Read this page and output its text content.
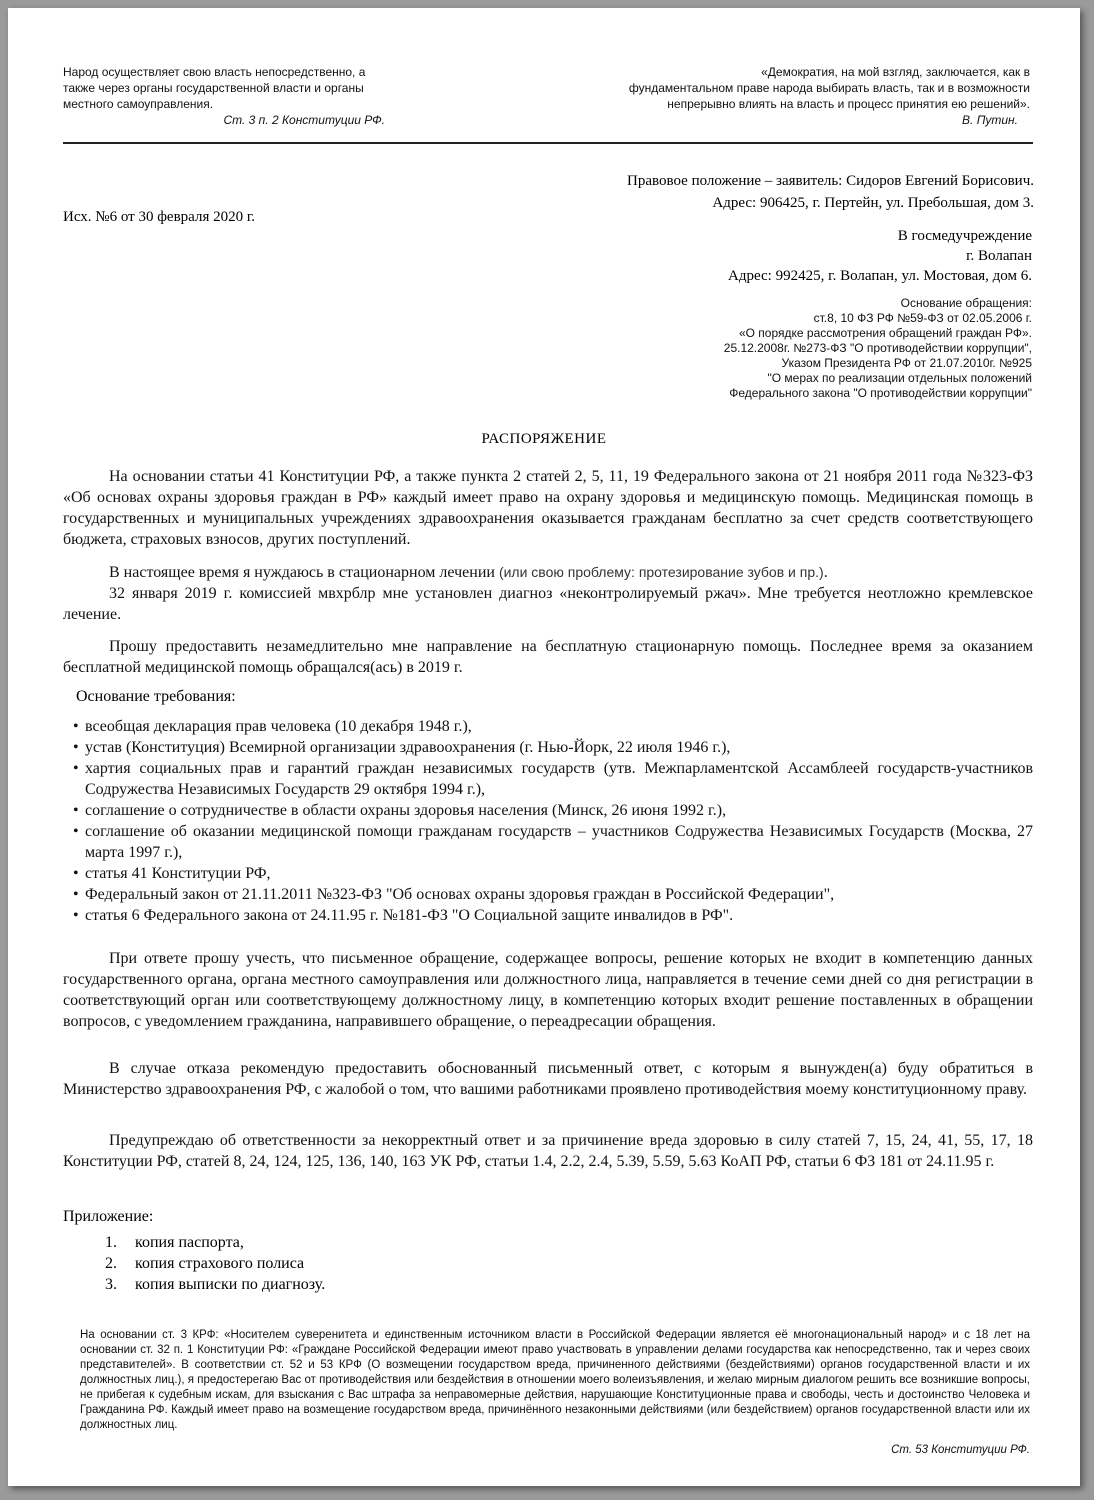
Народ осуществляет свою власть непосредственно, а
также через органы государственной власти и органы
местного самоуправления.
Ст. 3 п. 2 Конституции РФ.
«Демократия, на мой взгляд, заключается, как в
фундаментальном праве народа выбирать власть, так и в возможности
непрерывно влиять на власть и процесс принятия ею решений».
В. Путин.
Правовое положение – заявитель: Сидоров Евгений Борисович.
Адрес: 906425, г. Пертейн, ул. Пребольшая, дом 3.
Исх. №6 от 30 февраля 2020 г.
В госмедучреждение
г. Волапан
Адрес: 992425, г. Волапан, ул. Мостовая, дом 6.
Основание обращения:
ст.8, 10 ФЗ РФ №59-ФЗ от 02.05.2006 г.
«О порядке рассмотрения обращений граждан РФ».
25.12.2008г. №273-ФЗ "О противодействии коррупции",
Указом Президента РФ от 21.07.2010г. №925
"О мерах по реализации отдельных положений
Федерального закона "О противодействии коррупции"
РАСПОРЯЖЕНИЕ

На основании статьи 41 Конституции РФ, а также пункта 2 статей 2, 5, 11, 19 Федерального закона от 21 ноября 2011 года №323-ФЗ «Об основах охраны здоровья граждан в РФ» каждый имеет право на охрану здоровья и медицинскую помощь. Медицинская помощь в государственных и муниципальных учреждениях здравоохранения оказывается гражданам бесплатно за счет средств соответствующего бюджета, страховых взносов, других поступлений.

В настоящее время я нуждаюсь в стационарном лечении (или свою проблему: протезирование зубов и пр.).

32 января 2019 г. комиссией мвхрблр мне установлен диагноз «неконтролируемый ржач». Мне требуется неотложно кремлевское лечение.

Прошу предоставить незамедлительно мне направление на бесплатную стационарную помощь. Последнее время за оказанием бесплатной медицинской помощь обращался(ась) в 2019 г.

Основание требования:
• всеобщая декларация прав человека (10 декабря 1948 г.),
• устав (Конституция) Всемирной организации здравоохранения (г. Нью-Йорк, 22 июля 1946 г.),
• хартия социальных прав и гарантий граждан независимых государств (утв. Межпарламентской Ассамблеей государств-участников Содружества Независимых Государств 29 октября 1994 г.),
• соглашение о сотрудничестве в области охраны здоровья населения (Минск, 26 июня 1992 г.),
• соглашение об оказании медицинской помощи гражданам государств – участников Содружества Независимых Государств (Москва, 27 марта 1997 г.),
• статья 41 Конституции РФ,
• Федеральный закон от 21.11.2011 №323-ФЗ "Об основах охраны здоровья граждан в Российской Федерации",
• статья 6 Федерального закона от 24.11.95 г. №181-ФЗ "О Социальной защите инвалидов в РФ".

При ответе прошу учесть, что письменное обращение, содержащее вопросы, решение которых не входит в компетенцию данных государственного органа, органа местного самоуправления или должностного лица, направляется в течение семи дней со дня регистрации в соответствующий орган или соответствующему должностному лицу, в компетенцию которых входит решение поставленных в обращении вопросов, с уведомлением гражданина, направившего обращение, о переадресации обращения.

В случае отказа рекомендую предоставить обоснованный письменный ответ, с которым я вынужден(а) буду обратиться в Министерство здравоохранения РФ, с жалобой о том, что вашими работниками проявлено противодействия моему конституционному праву.

Предупреждаю об ответственности за некорректный ответ и за причинение вреда здоровью в силу статей 7, 15, 24, 41, 55, 17, 18 Конституции РФ, статей 8, 24, 124, 125, 136, 140, 163 УК РФ, статьи 1.4, 2.2, 2.4, 5.39, 5.59, 5.63 КоАП РФ, статьи 6 ФЗ 181 от 24.11.95 г.

Приложение:
1.	копия паспорта,
2.	копия страхового полиса
3.	копия выписки по диагнозу.
На основании ст. 3 КРФ: «Носителем суверенитета и единственным источником власти в Российской Федерации является её многонациональный народ» и с 18 лет на основании ст. 32 п. 1 Конституции РФ: «Граждане Российской Федерации имеют право участвовать в управлении делами государства как непосредственно, так и через своих представителей». В соответствии ст. 52 и 53 КРФ (О возмещении государством вреда, причиненного действиями (бездействиями) органов государственной власти и их должностных лиц.), я предостерегаю Вас от противодействия или бездействия в отношении моего волеизъявления, и желаю мирным диалогом решить все возникшие вопросы, не прибегая к судебным искам, для взыскания с Вас штрафа за неправомерные действия, нарушающие Конституционные права и свободы, честь и достоинство Человека и Гражданина РФ. Каждый имеет право на возмещение государством вреда, причинённого незаконными действиями (или бездействием) органов государственной власти или их должностных лиц.
Ст. 53 Конституции РФ.
